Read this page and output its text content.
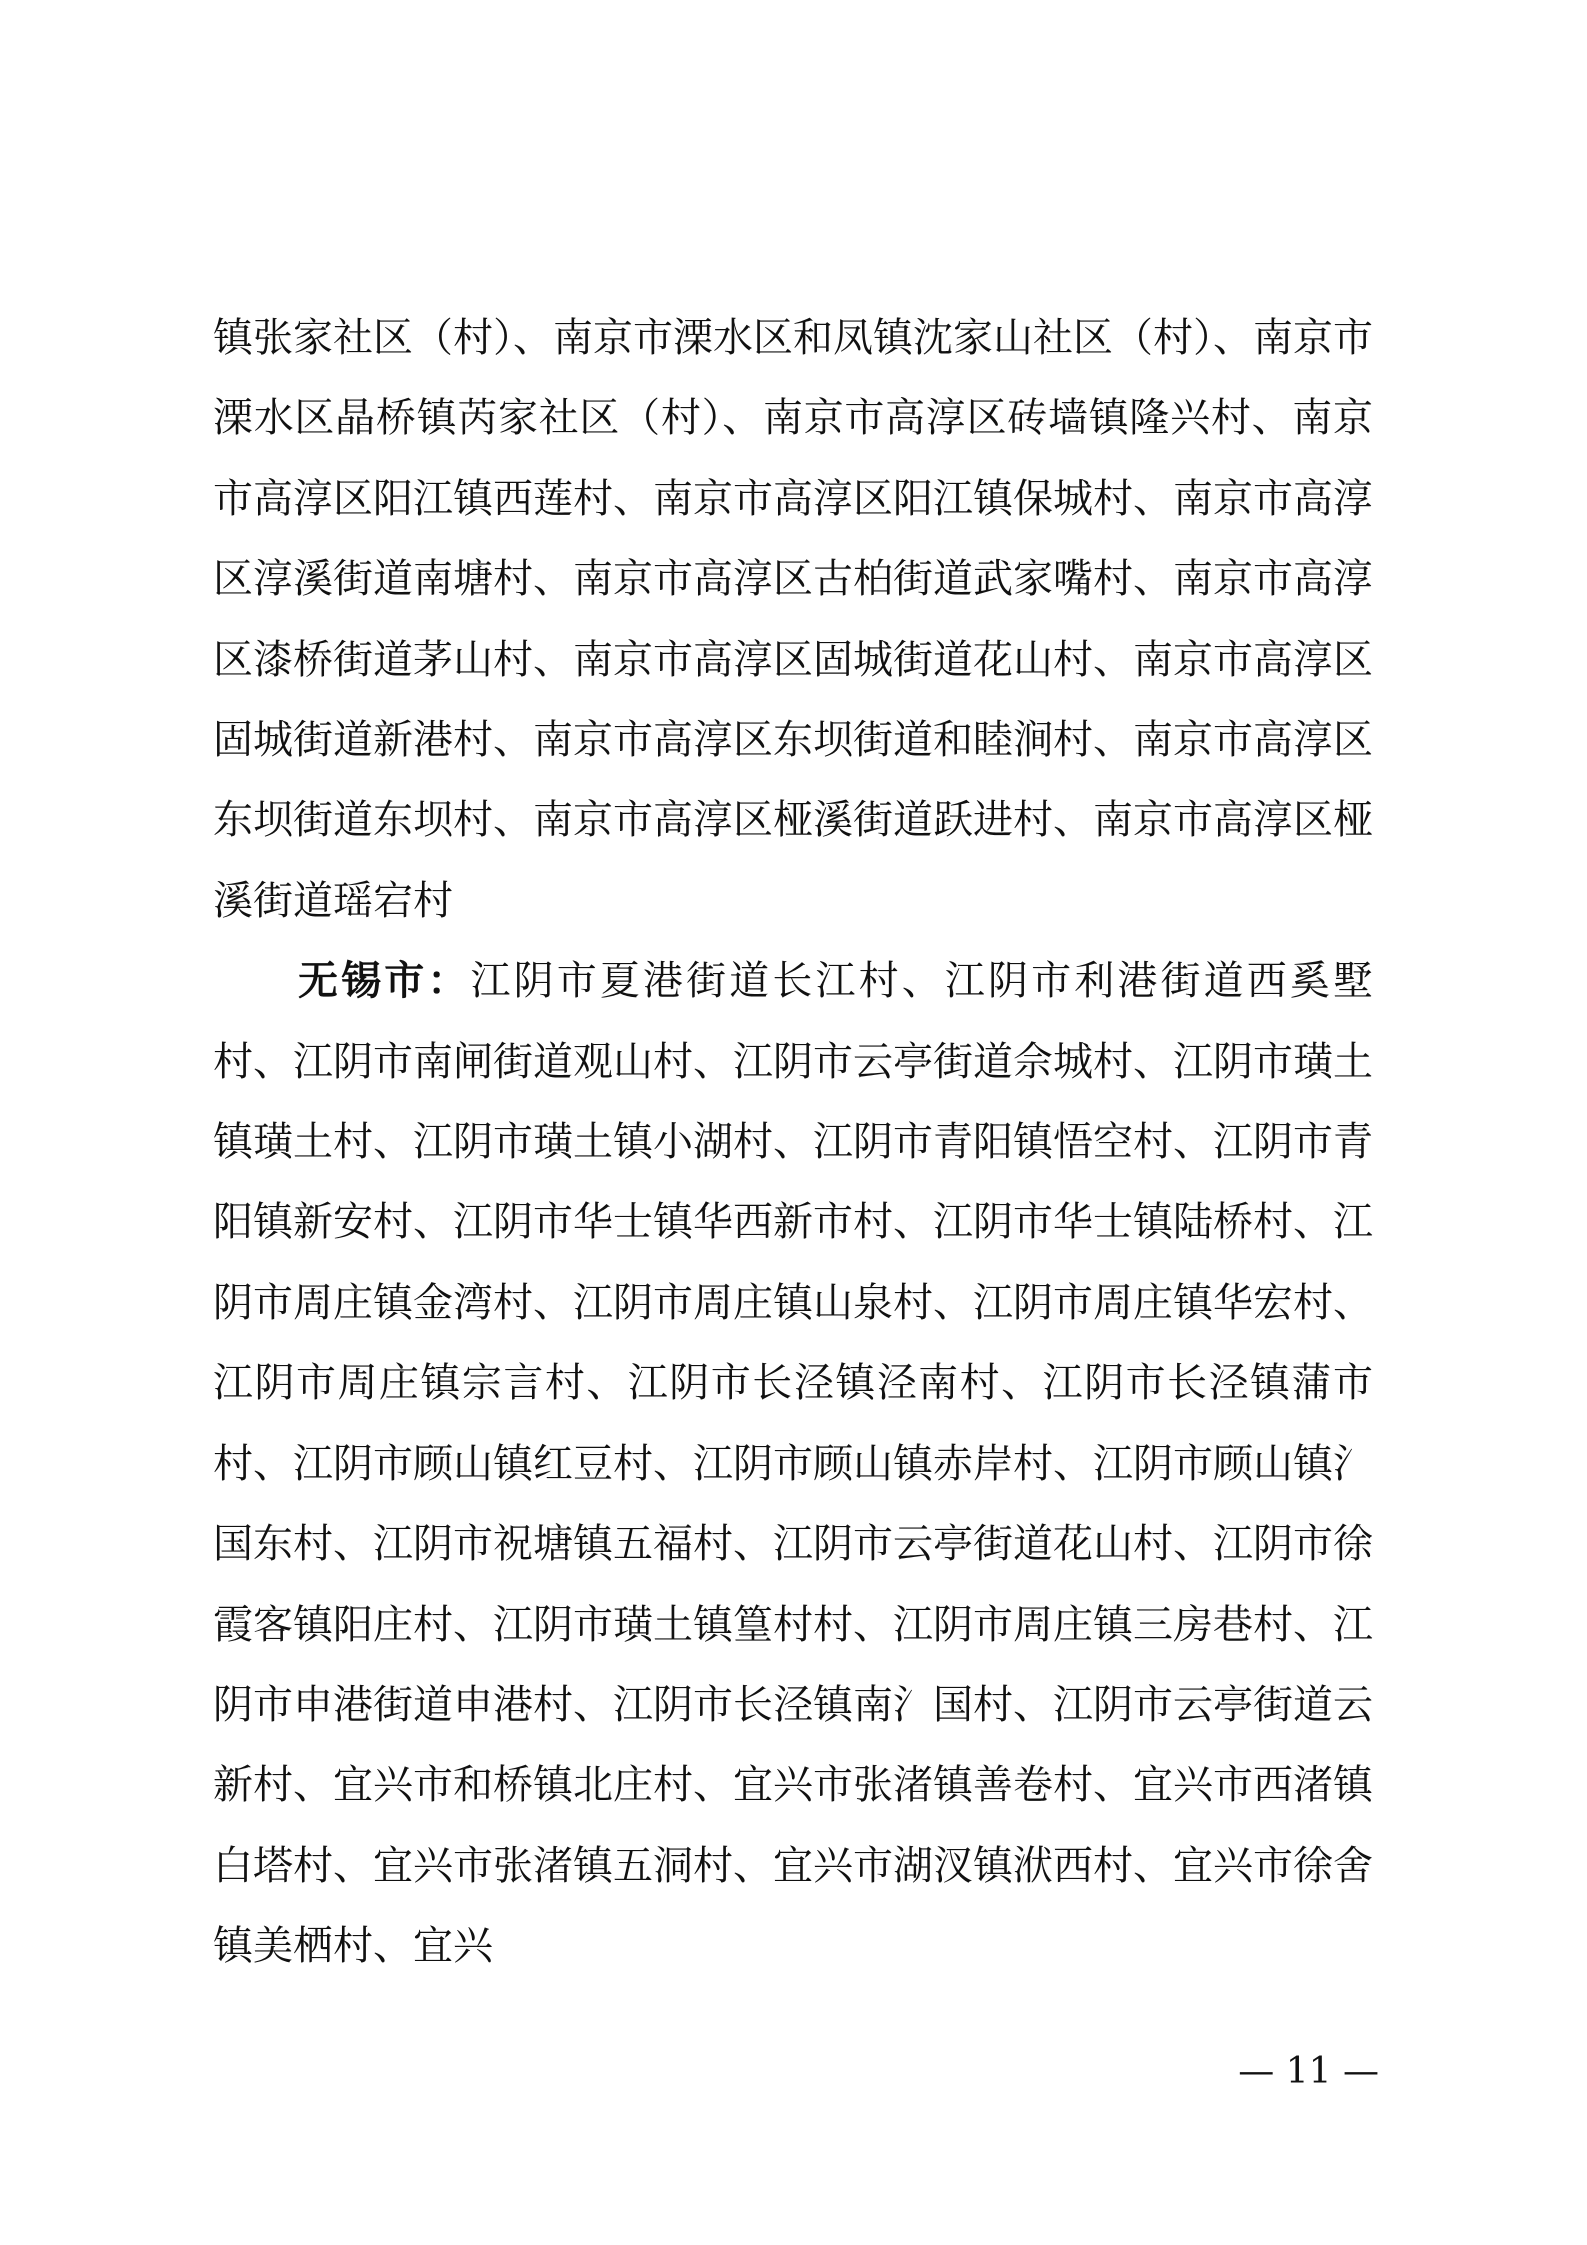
镇张家社区（村）、南京市溧水区和凤镇沈家山社区（村）、南京市溧水区晶桥镇芮家社区（村）、南京市高淳区砖墙镇隆兴村、南京市高淳区阳江镇西莲村、南京市高淳区阳江镇保城村、南京市高淳区淳溪街道南塘村、南京市高淳区古柏街道武家嘴村、南京市高淳区漆桥街道茅山村、南京市高淳区固城街道花山村、南京市高淳区固城街道新港村、南京市高淳区东坝街道和睦涧村、南京市高淳区东坝街道东坝村、南京市高淳区桠溪街道跃进村、南京市高淳区桠溪街道瑶宕村

无锡市：江阴市夏港街道长江村、江阴市利港街道西奚墅村、江阴市南闸街道观山村、江阴市云亭街道佘城村、江阴市璜土镇璜土村、江阴市璜土镇小湖村、江阴市青阳镇悟空村、江阴市青阳镇新安村、江阴市华士镇华西新市村、江阴市华士镇陆桥村、江阴市周庄镇金湾村、江阴市周庄镇山泉村、江阴市周庄镇华宏村、江阴市周庄镇宗言村、江阴市长泾镇泾南村、江阴市长泾镇蒲市村、江阴市顾山镇红豆村、江阴市顾山镇赤岸村、江阴市顾山镇氵国东村、江阴市祝塘镇五福村、江阴市云亭街道花山村、江阴市徐霞客镇阳庄村、江阴市璜土镇篁村村、江阴市周庄镇三房巷村、江阴市申港街道申港村、江阴市长泾镇南氵国村、江阴市云亭街道云新村、宜兴市和桥镇北庄村、宜兴市张渚镇善卷村、宜兴市西渚镇白塔村、宜兴市张渚镇五洞村、宜兴市湖汊镇洑西村、宜兴市徐舍镇美栖村、宜兴

— 11 —
